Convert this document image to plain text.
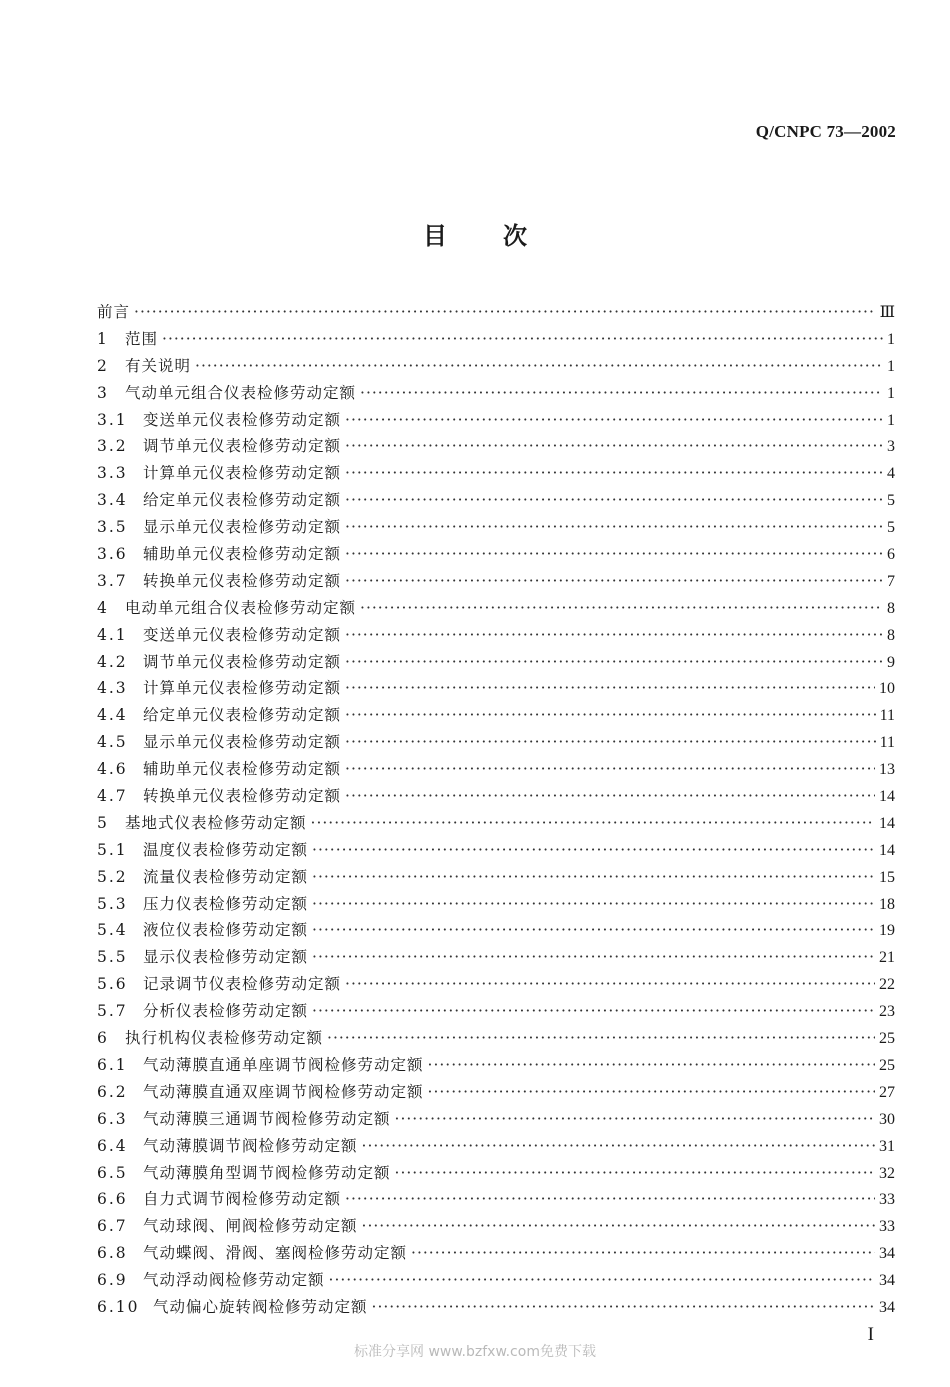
Q/CNPC 73—2002
目次
前言 ·····	Ⅲ
1	范围 ·····	1
2	有关说明 ·····	1
3	气动单元组合仪表检修劳动定额 ·····	1
3.1 变送单元仪表检修劳动定额 ·····	1
3.2 调节单元仪表检修劳动定额 ·····	3
3.3 计算单元仪表检修劳动定额 ·····	4
3.4 给定单元仪表检修劳动定额 ·····	5
3.5 显示单元仪表检修劳动定额 ·····	5
3.6 辅助单元仪表检修劳动定额 ·····	6
3.7 转换单元仪表检修劳动定额 ·····	7
4	电动单元组合仪表检修劳动定额 ·····	8
4.1 变送单元仪表检修劳动定额 ·····	8
4.2 调节单元仪表检修劳动定额 ·····	9
4.3 计算单元仪表检修劳动定额 ·····	10
4.4 给定单元仪表检修劳动定额 ·····	11
4.5 显示单元仪表检修劳动定额 ·····	11
4.6 辅助单元仪表检修劳动定额 ·····	13
4.7 转换单元仪表检修劳动定额 ·····	14
5	基地式仪表检修劳动定额 ·····	14
5.1 温度仪表检修劳动定额 ·····	14
5.2 流量仪表检修劳动定额 ·····	15
5.3 压力仪表检修劳动定额 ·····	18
5.4 液位仪表检修劳动定额 ·····	19
5.5 显示仪表检修劳动定额 ·····	21
5.6 记录调节仪表检修劳动定额 ·····	22
5.7 分析仪表检修劳动定额 ·····	23
6	执行机构仪表检修劳动定额 ·····	25
6.1 气动薄膜直通单座调节阀检修劳动定额 ·····	25
6.2 气动薄膜直通双座调节阀检修劳动定额 ·····	27
6.3 气动薄膜三通调节阀检修劳动定额 ·····	30
6.4 气动薄膜调节阀检修劳动定额 ·····	31
6.5 气动薄膜角型调节阀检修劳动定额 ·····	32
6.6 自力式调节阀检修劳动定额 ·····	33
6.7 气动球阀、闸阀检修劳动定额 ·····	33
6.8 气动蝶阀、滑阀、塞阀检修劳动定额 ·····	34
6.9 气动浮动阀检修劳动定额 ·····	34
6.10 气动偏心旋转阀检修劳动定额 ·····	34
I
标准分享网 www.bzfxw.com免费下载
